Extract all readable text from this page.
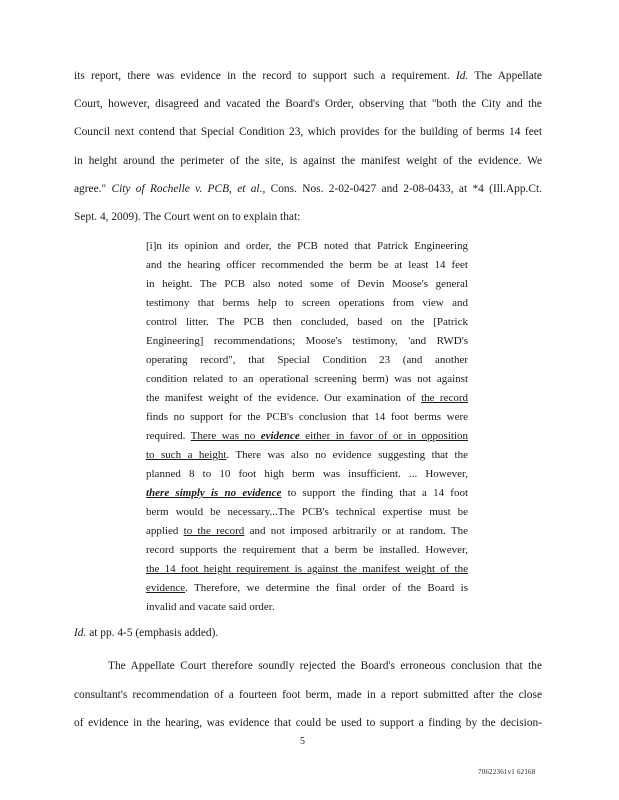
its report, there was evidence in the record to support such a requirement. Id. The Appellate
Court, however, disagreed and vacated the Board's Order, observing that "both the City and the
Council next contend that Special Condition 23, which provides for the building of berms 14 feet
in height around the perimeter of the site, is against the manifest weight of the evidence. We
agree." City of Rochelle v. PCB, et al., Cons. Nos. 2-02-0427 and 2-08-0433, at *4 (Ill.App.Ct.
Sept. 4, 2009). The Court went on to explain that:
[i]n its opinion and order, the PCB noted that Patrick Engineering
and the hearing officer recommended the berm be at least 14 feet
in height. The PCB also noted some of Devin Moose's general
testimony that berms help to screen operations from view and
control litter. The PCB then concluded, based on the [Patrick
Engineering] recommendations; Moose's testimony, 'and RWD's
operating record", that Special Condition 23 (and another
condition related to an operational screening berm) was not against
the manifest weight of the evidence. Our examination of the record
finds no support for the PCB's conclusion that 14 foot berms were
required. There was no evidence either in favor of or in opposition
to such a height. There was also no evidence suggesting that the
planned 8 to 10 foot high berm was insufficient. ... However,
there simply is no evidence to support the finding that a 14 foot
berm would be necessary...The PCB's technical expertise must be
applied to the record and not imposed arbitrarily or at random. The
record supports the requirement that a berm be installed. However,
the 14 foot height requirement is against the manifest weight of the
evidence. Therefore, we determine the final order of the Board is
invalid and vacate said order.
Id. at pp. 4-5 (emphasis added).
The Appellate Court therefore soundly rejected the Board's erroneous conclusion that the
consultant's recommendation of a fourteen foot berm, made in a report submitted after the close
of evidence in the hearing, was evidence that could be used to support a finding by the decision-
5
70622361v1 62168
